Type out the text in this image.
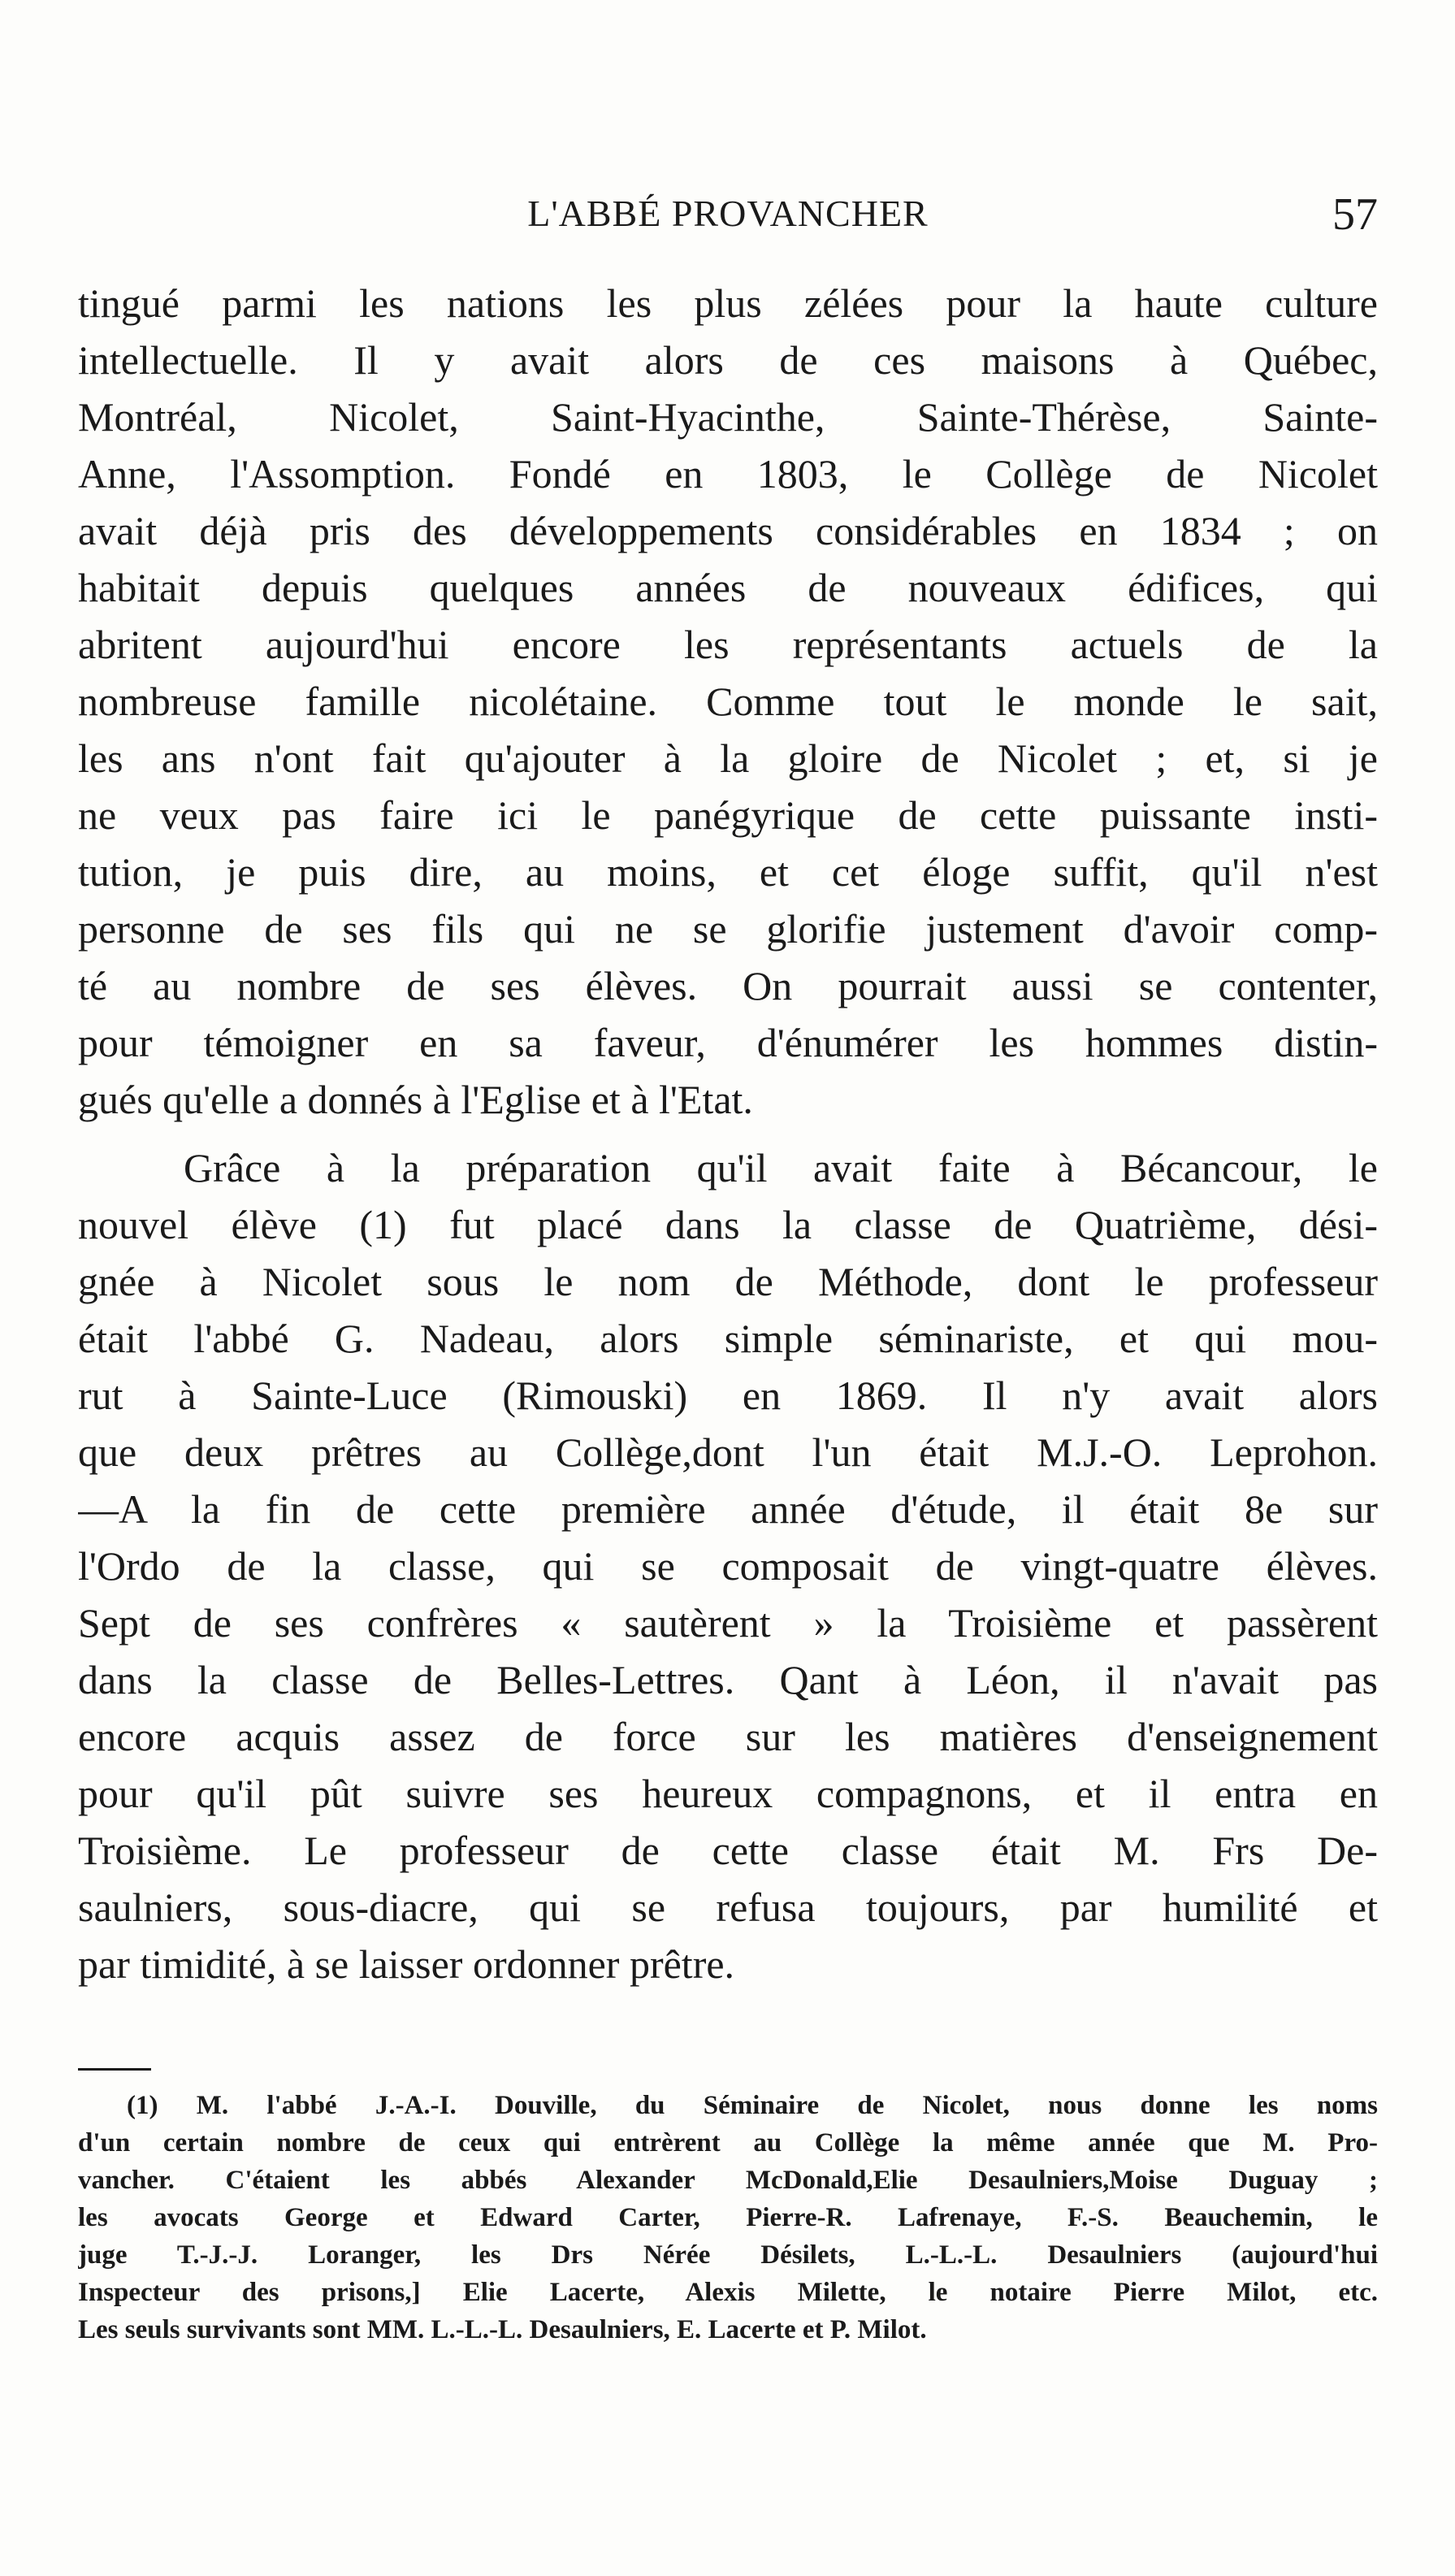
L'ABBÉ PROVANCHER	57
tingué parmi les nations les plus zélées pour la haute culture
intellectuelle. Il y avait alors de ces maisons à Québec,
Montréal, Nicolet, Saint-Hyacinthe, Sainte-Thérèse, Sainte-
Anne, l'Assomption. Fondé en 1803, le Collège de Nicolet
avait déjà pris des développements considérables en 1834 ; on
habitait depuis quelques années de nouveaux édifices, qui
abritent aujourd'hui encore les représentants actuels de la
nombreuse famille nicolétaine. Comme tout le monde le sait,
les ans n'ont fait qu'ajouter à la gloire de Nicolet ; et, si je
ne veux pas faire ici le panégyrique de cette puissante insti-
tution, je puis dire, au moins, et cet éloge suffit, qu'il n'est
personne de ses fils qui ne se glorifie justement d'avoir comp-
té au nombre de ses élèves. On pourrait aussi se contenter,
pour témoigner en sa faveur, d'énumérer les hommes distin-
gués qu'elle a donnés à l'Eglise et à l'Etat.
Grâce à la préparation qu'il avait faite à Bécancour, le
nouvel élève (1) fut placé dans la classe de Quatrième, dési-
gnée à Nicolet sous le nom de Méthode, dont le professeur
était l'abbé G. Nadeau, alors simple séminariste, et qui mou-
rut à Sainte-Luce (Rimouski) en 1869. Il n'y avait alors
que deux prêtres au Collège,dont l'un était M.J.-O. Leprohon.
—A la fin de cette première année d'étude, il était 8e sur
l'Ordo de la classe, qui se composait de vingt-quatre élèves.
Sept de ses confrères « sautèrent » la Troisième et passèrent
dans la classe de Belles-Lettres. Qant à Léon, il n'avait pas
encore acquis assez de force sur les matières d'enseignement
pour qu'il pût suivre ses heureux compagnons, et il entra en
Troisième. Le professeur de cette classe était M. Frs De-
saulniers, sous-diacre, qui se refusa toujours, par humilité et
par timidité, à se laisser ordonner prêtre.
(1) M. l'abbé J.-A.-I. Douville, du Séminaire de Nicolet, nous donne les noms
d'un certain nombre de ceux qui entrèrent au Collège la même année que M. Pro-
vancher. C'étaient les abbés Alexander McDonald,Elie Desaulniers,Moise Duguay ;
les avocats George et Edward Carter, Pierre-R. Lafrenaye, F.-S. Beauchemin, le
juge T.-J.-J. Loranger, les Drs Nérée Désilets, L.-L.-L. Desaulniers (aujourd'hui
Inspecteur des prisons,] Elie Lacerte, Alexis Milette, le notaire Pierre Milot, etc.
Les seuls survivants sont MM. L.-L.-L. Desaulniers, E. Lacerte et P. Milot.
